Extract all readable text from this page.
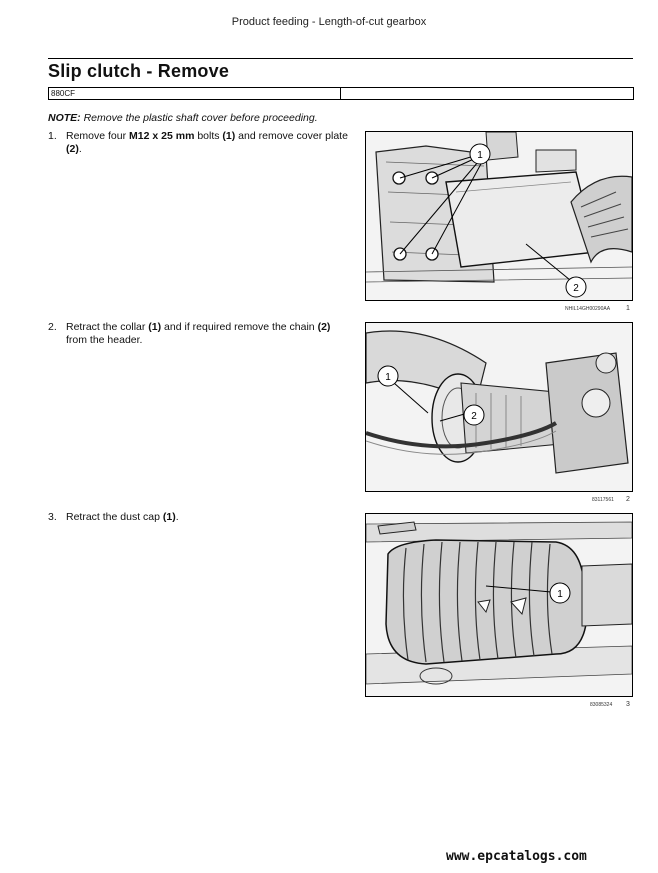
Product feeding - Length-of-cut gearbox
Slip clutch - Remove
880CF
NOTE: Remove the plastic shaft cover before proceeding.
1. Remove four M12 x 25 mm bolts (1) and remove cover plate (2).
1
2
NHIL14GH00290AA 1
2. Retract the collar (1) and if required remove the chain (2) from the header.
1
2
83117561 2
3. Retract the dust cap (1).
1
83085324 3
www.epcatalogs.com
